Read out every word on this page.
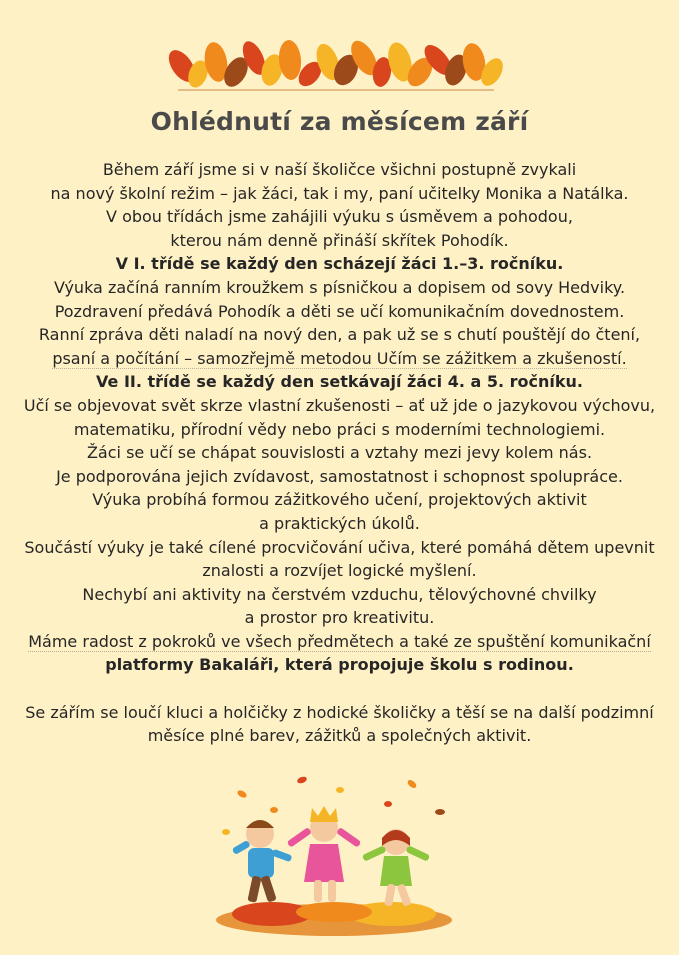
Ohlédnutí za měsícem září

Během září jsme si v naší školičce všichni postupně zvykali

na nový školní režim – jak žáci, tak i my, paní učitelky Monika a Natálka.

V obou třídách jsme zahájili výuku s úsměvem a pohodou,

kterou nám denně přináší skřítek Pohodík.

V I. třídě se každý den scházejí žáci 1.–3. ročníku.

Výuka začíná ranním kroužkem s písničkou a dopisem od sovy Hedviky.

Pozdravení předává Pohodík a děti se učí komunikačním dovednostem.

Ranní zpráva děti naladí na nový den, a pak už se s chutí pouštějí do čtení,

psaní a počítání – samozřejmě metodou Učím se zážitkem a zkušeností.

Ve II. třídě se každý den setkávají žáci 4. a 5. ročníku.

Učí se objevovat svět skrze vlastní zkušenosti – ať už jde o jazykovou výchovu,

matematiku, přírodní vědy nebo práci s moderními technologiemi.

Žáci se učí se chápat souvislosti a vztahy mezi jevy kolem nás.

Je podporována jejich zvídavost, samostatnost i schopnost spolupráce.

Výuka probíhá formou zážitkového učení, projektových aktivit

a praktických úkolů.

Součástí výuky je také cílené procvičování učiva, které pomáhá dětem upevnit

znalosti a rozvíjet logické myšlení.

Nechybí ani aktivity na čerstvém vzduchu, tělovýchovné chvilky

a prostor pro kreativitu.

Máme radost z pokroků ve všech předmětech a také ze spuštění komunikační

platformy Bakaláři, která propojuje školu s rodinou.

Se zářím se loučí kluci a holčičky z hodické školičky a těší se na další podzimní

měsíce plné barev, zážitků a společných aktivit.
